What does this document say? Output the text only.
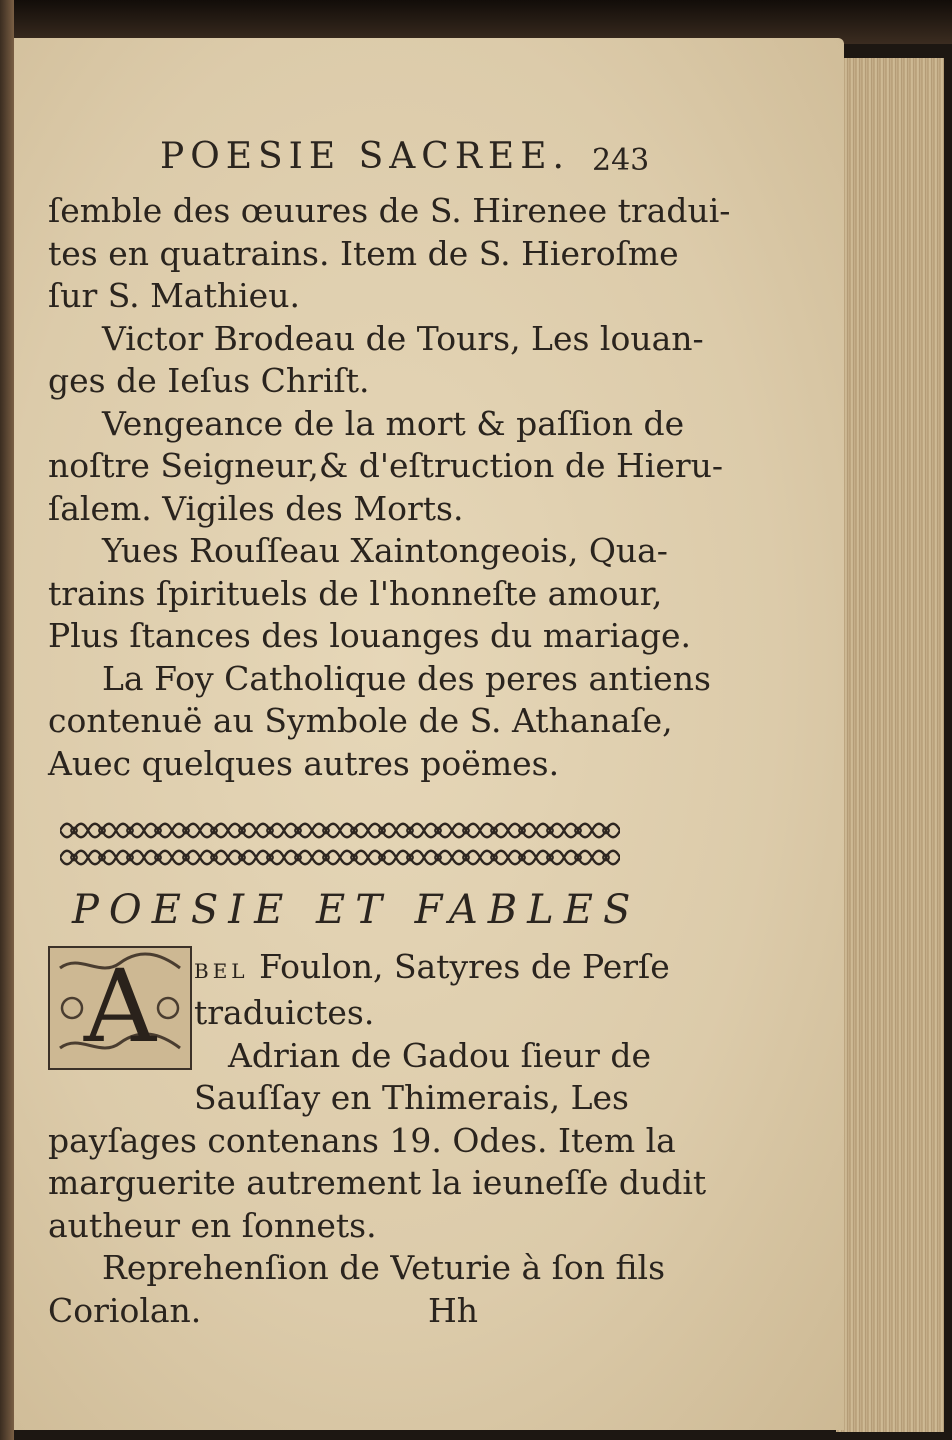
POESIE SACREE. 243
ſemble des œuures de S. Hirenee tradui-
tes en quatrains. Item de S. Hieroſme
ſur S. Mathieu.
Victor Brodeau de Tours, Les louan-
ges de Ieſus Chriſt.
Vengeance de la mort & paſſion de
noſtre Seigneur,& d'eſtruction de Hieru-
ſalem. Vigiles des Morts.
Yues Rouſſeau Xaintongeois, Qua-
trains ſpirituels de l'honneſte amour,
Plus ſtances des louanges du mariage.
La Foy Catholique des peres antiens
contenuë au Symbole de S. Athanaſe,
Auec quelques autres poëmes.
POESIE ET FABLES
A	BEL Foulon, Satyres de Perſe
traduictes.
Adrian de Gadou ſieur de
Sauſſay en Thimerais, Les
payſages contenans 19. Odes. Item la
marguerite autrement la ieuneſſe dudit
autheur en ſonnets.
Reprehenſion de Veturie à ſon fils
Coriolan.	Hh
